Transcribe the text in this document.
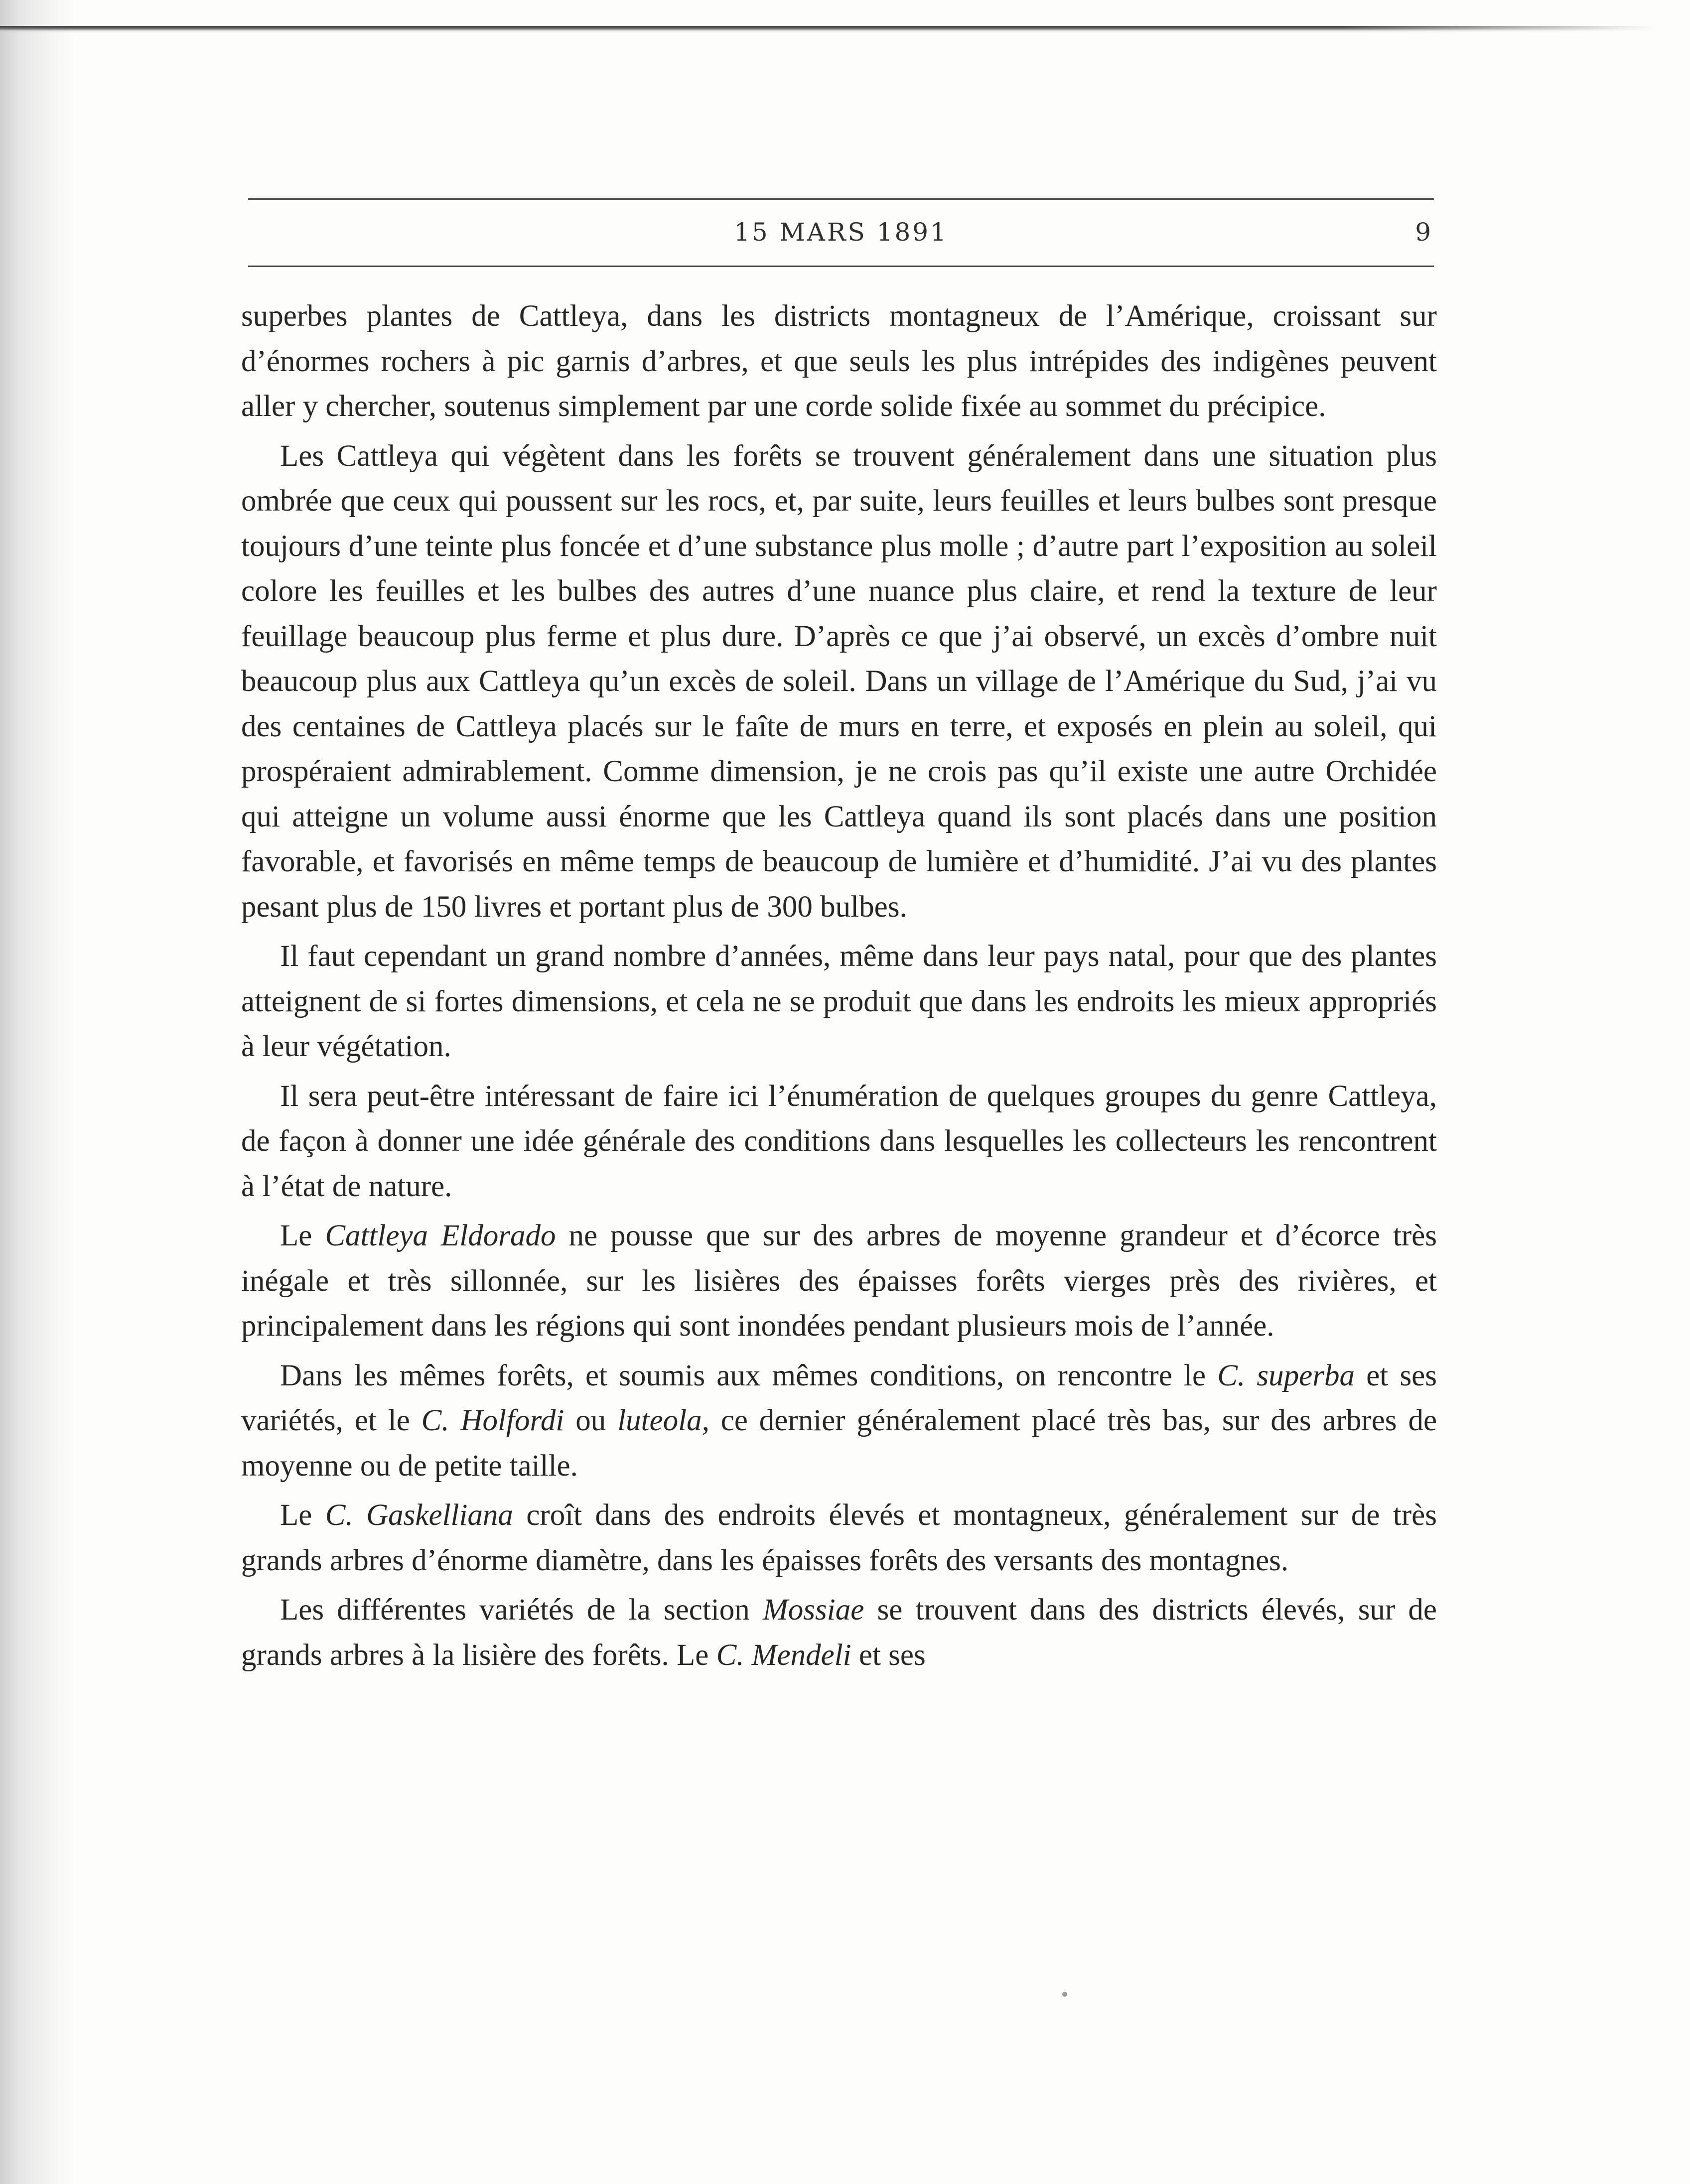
15 MARS 1891	9

superbes plantes de Cattleya, dans les districts montagneux de l’Amérique, croissant sur d’énormes rochers à pic garnis d’arbres, et que seuls les plus intrépides des indigènes peuvent aller y chercher, soutenus simplement par une corde solide fixée au sommet du précipice.

Les Cattleya qui végètent dans les forêts se trouvent généralement dans une situation plus ombrée que ceux qui poussent sur les rocs, et, par suite, leurs feuilles et leurs bulbes sont presque toujours d’une teinte plus foncée et d’une substance plus molle ; d’autre part l’exposition au soleil colore les feuilles et les bulbes des autres d’une nuance plus claire, et rend la texture de leur feuillage beaucoup plus ferme et plus dure. D’après ce que j’ai observé, un excès d’ombre nuit beaucoup plus aux Cattleya qu’un excès de soleil. Dans un village de l’Amérique du Sud, j’ai vu des centaines de Cattleya placés sur le faîte de murs en terre, et exposés en plein au soleil, qui prospéraient admirablement. Comme dimension, je ne crois pas qu’il existe une autre Orchidée qui atteigne un volume aussi énorme que les Cattleya quand ils sont placés dans une position favorable, et favorisés en même temps de beaucoup de lumière et d’humidité. J’ai vu des plantes pesant plus de 150 livres et portant plus de 300 bulbes.

Il faut cependant un grand nombre d’années, même dans leur pays natal, pour que des plantes atteignent de si fortes dimensions, et cela ne se produit que dans les endroits les mieux appropriés à leur végétation.

Il sera peut-être intéressant de faire ici l’énumération de quelques groupes du genre Cattleya, de façon à donner une idée générale des conditions dans lesquelles les collecteurs les rencontrent à l’état de nature.

Le Cattleya Eldorado ne pousse que sur des arbres de moyenne grandeur et d’écorce très inégale et très sillonnée, sur les lisières des épaisses forêts vierges près des rivières, et principalement dans les régions qui sont inondées pendant plusieurs mois de l’année.

Dans les mêmes forêts, et soumis aux mêmes conditions, on rencontre le C. superba et ses variétés, et le C. Holfordi ou luteola, ce dernier généralement placé très bas, sur des arbres de moyenne ou de petite taille.

Le C. Gaskelliana croît dans des endroits élevés et montagneux, généralement sur de très grands arbres d’énorme diamètre, dans les épaisses forêts des versants des montagnes.

Les différentes variétés de la section Mossiae se trouvent dans des districts élevés, sur de grands arbres à la lisière des forêts. Le C. Mendeli et ses
